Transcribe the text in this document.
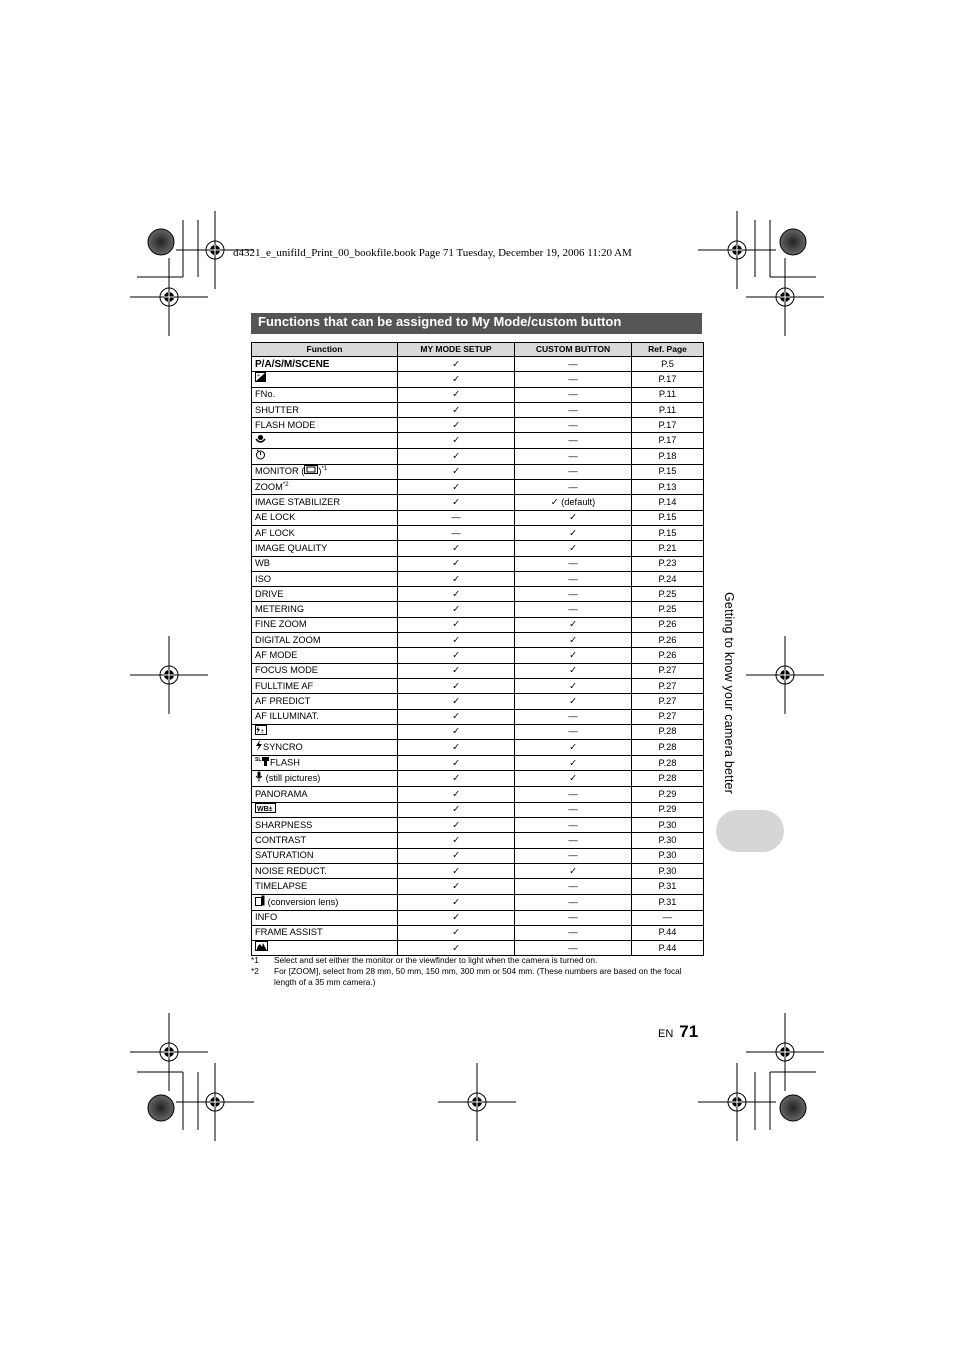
d4321_e_unifild_Print_00_bookfile.book Page 71 Tuesday, December 19, 2006 11:20 AM
Functions that can be assigned to My Mode/custom button
Function	MY MODE SETUP	CUSTOM BUTTON	Ref. Page
P/A/S/M/SCENE	✓	—	P.5

+	✓	—	P.17
FNo.	✓	—	P.11
SHUTTER	✓	—	P.11
FLASH MODE	✓	—	P.17
	✓	—	P.17
	✓	—	P.18
MONITOR ( )$^{*1}$	✓	—	P.15
ZOOM$^{*2}$	✓	—	P.13
IMAGE STABILIZER	✓	✓ (default)	P.14
AE LOCK	—	✓	P.15
AF LOCK	—	✓	P.15
IMAGE QUALITY	✓	✓	P.21
WB	✓	—	P.23
ISO	✓	—	P.24
DRIVE	✓	—	P.25
METERING	✓	—	P.25
FINE ZOOM	✓	✓	P.26
DIGITAL ZOOM	✓	✓	P.26
AF MODE	✓	✓	P.26
FOCUS MODE	✓	✓	P.27
FULLTIME AF	✓	✓	P.27
AF PREDICT	✓	✓	P.27
AF ILLUMINAT.	✓	—	P.27

±	✓	—	P.28
SYNCRO	✓	✓	P.28

SL FLASH	✓	✓	P.28
(still pictures)	✓	✓	P.28
PANORAMA	✓	—	P.29

WB±	✓	—	P.29
SHARPNESS	✓	—	P.30
CONTRAST	✓	—	P.30
SATURATION	✓	—	P.30
NOISE REDUCT.	✓	✓	P.30
TIMELAPSE	✓	—	P.31
(conversion lens)	✓	—	P.31
INFO	✓	—	—
FRAME ASSIST	✓	—	P.44
	✓	—	P.44
*1	Select and set either the monitor or the viewfinder to light when the camera is turned on.
*2	For [ZOOM], select from 28 mm, 50 mm, 150 mm, 300 mm or 504 mm. (These numbers are based on the focal length of a 35 mm camera.)
Getting to know your camera better
EN 71
